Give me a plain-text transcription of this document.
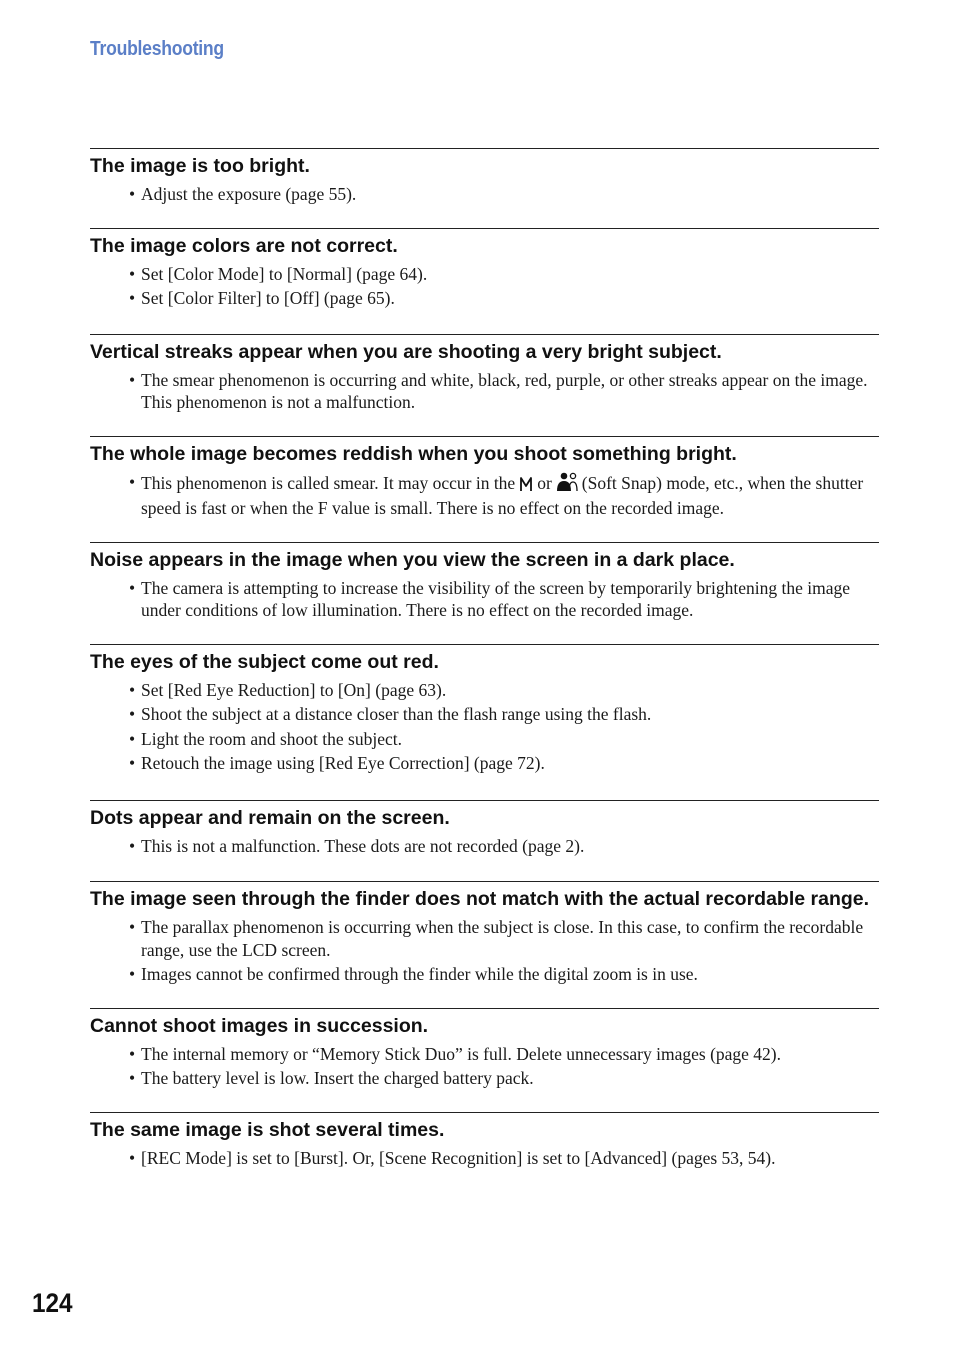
Troubleshooting
The image is too bright.
• Adjust the exposure (page 55).
The image colors are not correct.
• Set [Color Mode] to [Normal] (page 64).
• Set [Color Filter] to [Off] (page 65).
Vertical streaks appear when you are shooting a very bright subject.
• The smear phenomenon is occurring and white, black, red, purple, or other streaks appear on the image. This phenomenon is not a malfunction.
The whole image becomes reddish when you shoot something bright.
• This phenomenon is called smear. It may occur in the or (Soft Snap) mode, etc., when the shutter speed is fast or when the F value is small. There is no effect on the recorded image.
Noise appears in the image when you view the screen in a dark place.
• The camera is attempting to increase the visibility of the screen by temporarily brightening the image under conditions of low illumination. There is no effect on the recorded image.
The eyes of the subject come out red.
• Set [Red Eye Reduction] to [On] (page 63).
• Shoot the subject at a distance closer than the flash range using the flash.
• Light the room and shoot the subject.
• Retouch the image using [Red Eye Correction] (page 72).
Dots appear and remain on the screen.
• This is not a malfunction. These dots are not recorded (page 2).
The image seen through the finder does not match with the actual recordable range.
• The parallax phenomenon is occurring when the subject is close. In this case, to confirm the recordable range, use the LCD screen.
• Images cannot be confirmed through the finder while the digital zoom is in use.
Cannot shoot images in succession.
• The internal memory or “Memory Stick Duo” is full. Delete unnecessary images (page 42).
• The battery level is low. Insert the charged battery pack.
The same image is shot several times.
• [REC Mode] is set to [Burst]. Or, [Scene Recognition] is set to [Advanced] (pages 53, 54).
124
